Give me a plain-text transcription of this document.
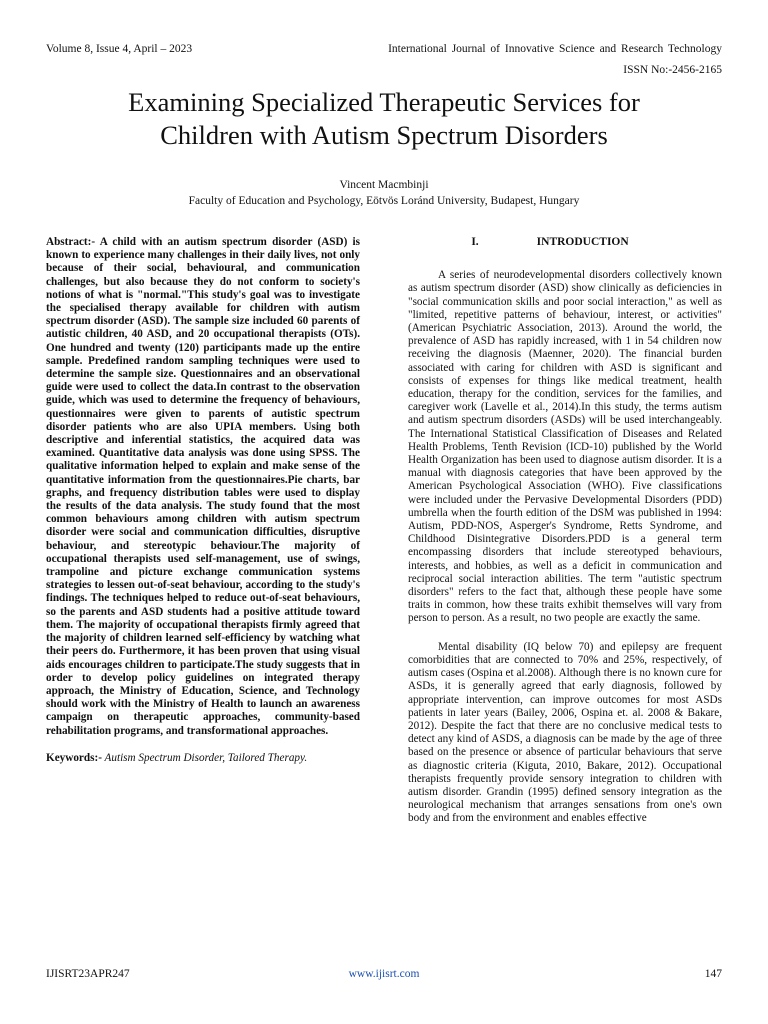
Volume 8, Issue 4, April – 2023	International Journal of Innovative Science and Research Technology
ISSN No:-2456-2165
Examining Specialized Therapeutic Services for
Children with Autism Spectrum Disorders
Vincent Macmbinji
Faculty of Education and Psychology, Eötvös Loránd University, Budapest, Hungary

Abstract:- A child with an autism spectrum disorder (ASD) is known to experience many challenges in their daily lives, not only because of their social, behavioural, and communication challenges, but also because they do not conform to society's notions of what is "normal."This study's goal was to investigate the specialised therapy available for children with autism spectrum disorder (ASD). The sample size included 60 parents of autistic children, 40 ASD, and 20 occupational therapists (OTs). One hundred and twenty (120) participants made up the entire sample. Predefined random sampling techniques were used to determine the sample size. Questionnaires and an observational guide were used to collect the data.In contrast to the observation guide, which was used to determine the frequency of behaviours, questionnaires were given to parents of autistic spectrum disorder patients who are also UPIA members. Using both descriptive and inferential statistics, the acquired data was examined. Quantitative data analysis was done using SPSS. The qualitative information helped to explain and make sense of the quantitative information from the questionnaires.Pie charts, bar graphs, and frequency distribution tables were used to display the results of the data analysis. The study found that the most common behaviours among children with autism spectrum disorder were social and communication difficulties, disruptive behaviour, and stereotypic behaviour.The majority of occupational therapists used self-management, use of swings, trampoline and picture exchange communication systems strategies to lessen out-of-seat behaviour, according to the study's findings. The techniques helped to reduce out-of-seat behaviours, so the parents and ASD students had a positive attitude toward them. The majority of occupational therapists firmly agreed that the majority of children learned self-efficiency by watching what their peers do. Furthermore, it has been proven that using visual aids encourages children to participate.The study suggests that in order to develop policy guidelines on integrated therapy approach, the Ministry of Education, Science, and Technology should work with the Ministry of Health to launch an awareness campaign on therapeutic approaches, community-based rehabilitation programs, and transformational approaches.

Keywords:- Autism Spectrum Disorder, Tailored Therapy.

I.	INTRODUCTION

A series of neurodevelopmental disorders collectively known as autism spectrum disorder (ASD) show clinically as deficiencies in "social communication skills and poor social interaction," as well as "limited, repetitive patterns of behaviour, interest, or activities" (American Psychiatric Association, 2013). Around the world, the prevalence of ASD has rapidly increased, with 1 in 54 children now receiving the diagnosis (Maenner, 2020). The financial burden associated with caring for children with ASD is significant and consists of expenses for things like medical treatment, health education, therapy for the condition, services for the families, and caregiver work (Lavelle et al., 2014).In this study, the terms autism and autism spectrum disorders (ASDs) will be used interchangeably. The International Statistical Classification of Diseases and Related Health Problems, Tenth Revision (ICD-10) published by the World Health Organization has been used to diagnose autism disorder. It is a manual with diagnosis categories that have been approved by the American Psychological Association (WHO). Five classifications were included under the Pervasive Developmental Disorders (PDD) umbrella when the fourth edition of the DSM was published in 1994: Autism, PDD-NOS, Asperger's Syndrome, Retts Syndrome, and Childhood Disintegrative Disorders.PDD is a general term encompassing disorders that include stereotyped behaviours, interests, and hobbies, as well as a deficit in communication and reciprocal social interaction abilities. The term "autistic spectrum disorders" refers to the fact that, although these people have some traits in common, how these traits exhibit themselves will vary from person to person. As a result, no two people are exactly the same.

Mental disability (IQ below 70) and epilepsy are frequent comorbidities that are connected to 70% and 25%, respectively, of autism cases (Ospina et al.2008). Although there is no known cure for ASDs, it is generally agreed that early diagnosis, followed by appropriate intervention, can improve outcomes for most ASDs patients in later years (Bailey, 2006, Ospina et. al. 2008 & Bakare, 2012). Despite the fact that there are no conclusive medical tests to detect any kind of ASDS, a diagnosis can be made by the age of three based on the presence or absence of particular behaviours that serve as diagnostic criteria (Kiguta, 2010, Bakare, 2012). Occupational therapists frequently provide sensory integration to children with autism disorder. Grandin (1995) defined sensory integration as the neurological mechanism that arranges sensations from one's own body and from the environment and enables effective

IJISRT23APR247	www.ijisrt.com	147
